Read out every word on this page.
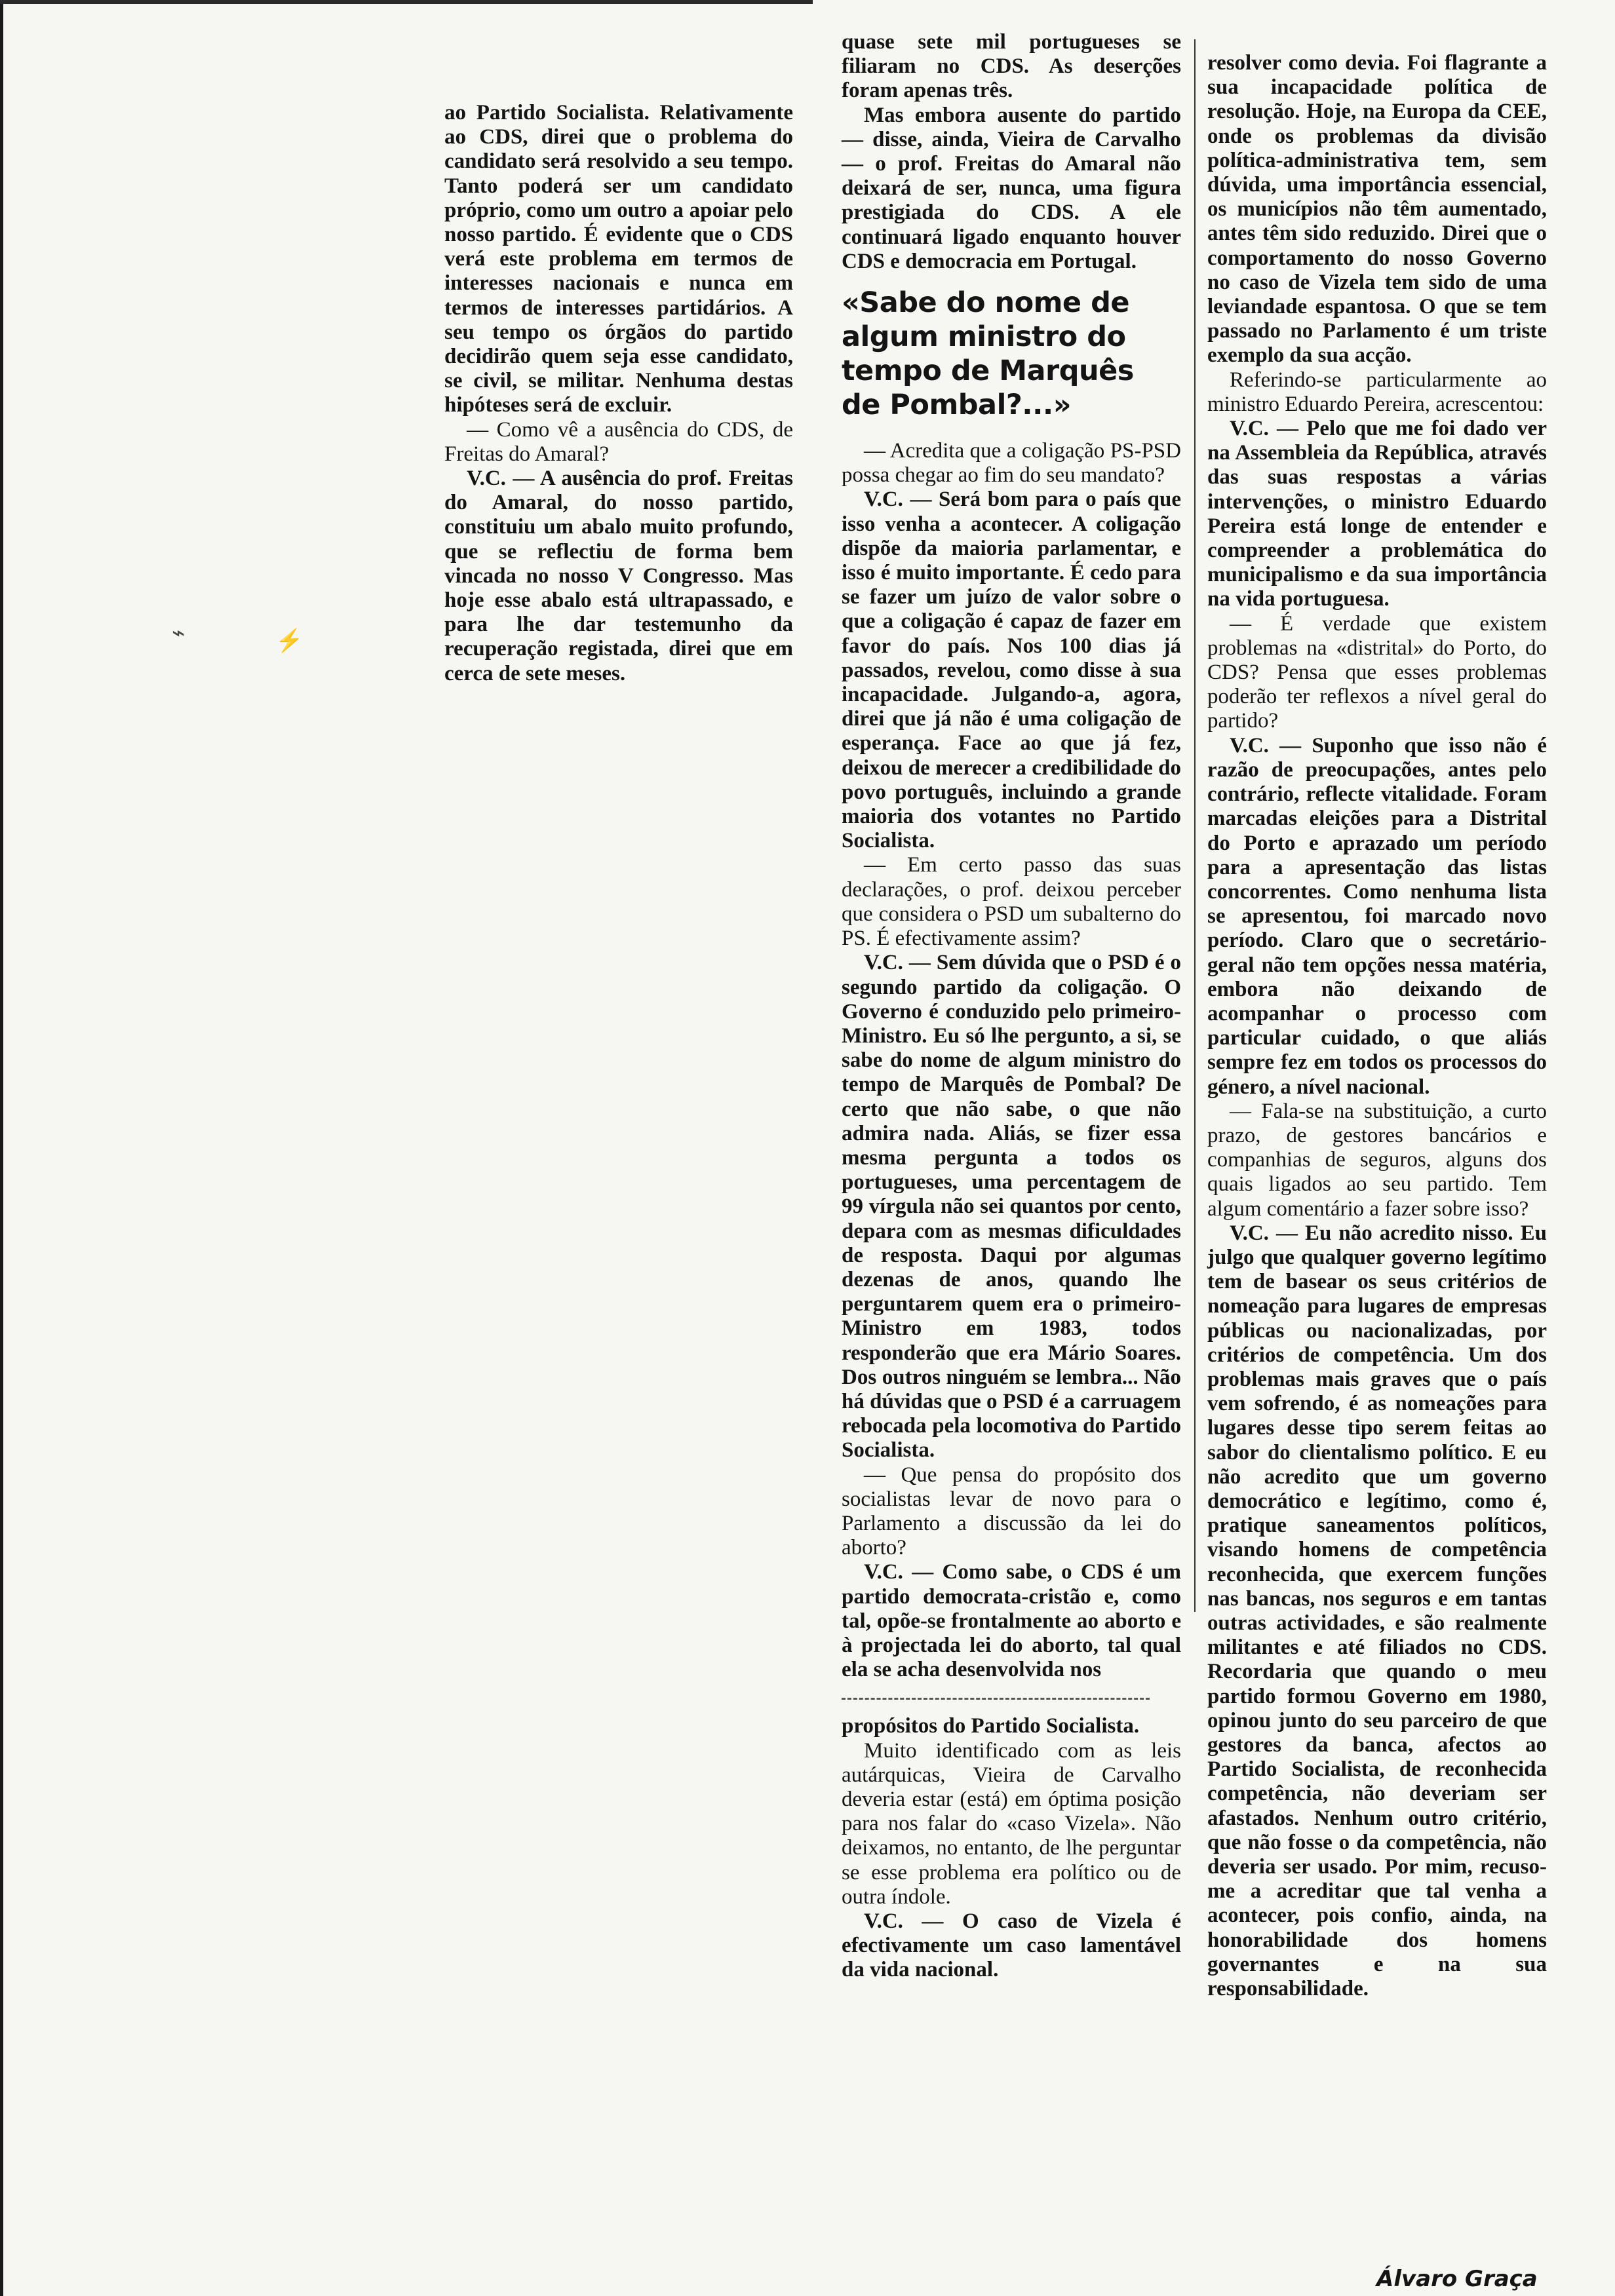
⌁	⚡

ao Partido Socialista. Relativamente ao CDS, direi que o problema do candidato será resolvido a seu tempo. Tanto poderá ser um candidato próprio, como um outro a apoiar pelo nosso partido. É evidente que o CDS verá este problema em termos de interesses nacionais e nunca em termos de interesses partidários. A seu tempo os órgãos do partido decidirão quem seja esse candidato, se civil, se militar. Nenhuma destas hipóteses será de excluir.

— Como vê a ausência do CDS, de Freitas do Amaral?

V.C. — A ausência do prof. Freitas do Amaral, do nosso partido, constituiu um abalo muito profundo, que se reflectiu de forma bem vincada no nosso V Congresso. Mas hoje esse abalo está ultrapassado, e para lhe dar testemunho da recuperação registada, direi que em cerca de sete meses.

quase sete mil portugueses se filiaram no CDS. As deserções foram apenas três.

Mas embora ausente do partido — disse, ainda, Vieira de Carvalho — o prof. Freitas do Amaral não deixará de ser, nunca, uma figura prestigiada do CDS. A ele continuará ligado enquanto houver CDS e democracia em Portugal.

«Sabe do nome de algum ministro do tempo de Marquês de Pombal?...»

— Acredita que a coligação PS-PSD possa chegar ao fim do seu mandato?

V.C. — Será bom para o país que isso venha a acontecer. A coligação dispõe da maioria parlamentar, e isso é muito importante. É cedo para se fazer um juízo de valor sobre o que a coligação é capaz de fazer em favor do país. Nos 100 dias já passados, revelou, como disse à sua incapacidade. Julgando-a, agora, direi que já não é uma coligação de esperança. Face ao que já fez, deixou de merecer a credibilidade do povo português, incluindo a grande maioria dos votantes no Partido Socialista.

— Em certo passo das suas declarações, o prof. deixou perceber que considera o PSD um subalterno do PS. É efectivamente assim?

V.C. — Sem dúvida que o PSD é o segundo partido da coligação. O Governo é conduzido pelo primeiro-Ministro. Eu só lhe pergunto, a si, se sabe do nome de algum ministro do tempo de Marquês de Pombal? De certo que não sabe, o que não admira nada. Aliás, se fizer essa mesma pergunta a todos os portugueses, uma percentagem de 99 vírgula não sei quantos por cento, depara com as mesmas dificuldades de resposta. Daqui por algumas dezenas de anos, quando lhe perguntarem quem era o primeiro-Ministro em 1983, todos responderão que era Mário Soares. Dos outros ninguém se lembra... Não há dúvidas que o PSD é a carruagem rebocada pela locomotiva do Partido Socialista.

— Que pensa do propósito dos socialistas levar de novo para o Parlamento a discussão da lei do aborto?

V.C. — Como sabe, o CDS é um partido democrata-cristão e, como tal, opõe-se frontalmente ao aborto e à projectada lei do aborto, tal qual ela se acha desenvolvida nos

propósitos do Partido Socialista.

Muito identificado com as leis autárquicas, Vieira de Carvalho deveria estar (está) em óptima posição para nos falar do «caso Vizela». Não deixamos, no entanto, de lhe perguntar se esse problema era político ou de outra índole.

V.C. — O caso de Vizela é efectivamente um caso lamentável da vida nacional.

resolver como devia. Foi flagrante a sua incapacidade política de resolução. Hoje, na Europa da CEE, onde os problemas da divisão política-administrativa tem, sem dúvida, uma importância essencial, os municípios não têm aumentado, antes têm sido reduzido. Direi que o comportamento do nosso Governo no caso de Vizela tem sido de uma leviandade espantosa. O que se tem passado no Parlamento é um triste exemplo da sua acção.

Referindo-se particularmente ao ministro Eduardo Pereira, acrescentou:

V.C. — Pelo que me foi dado ver na Assembleia da República, através das suas respostas a várias intervenções, o ministro Eduardo Pereira está longe de entender e compreender a problemática do municipalismo e da sua importância na vida portuguesa.

— É verdade que existem problemas na «distrital» do Porto, do CDS? Pensa que esses problemas poderão ter reflexos a nível geral do partido?

V.C. — Suponho que isso não é razão de preocupações, antes pelo contrário, reflecte vitalidade. Foram marcadas eleições para a Distrital do Porto e aprazado um período para a apresentação das listas concorrentes. Como nenhuma lista se apresentou, foi marcado novo período. Claro que o secretário-geral não tem opções nessa matéria, embora não deixando de acompanhar o processo com particular cuidado, o que aliás sempre fez em todos os processos do género, a nível nacional.

— Fala-se na substituição, a curto prazo, de gestores bancários e companhias de seguros, alguns dos quais ligados ao seu partido. Tem algum comentário a fazer sobre isso?

V.C. — Eu não acredito nisso. Eu julgo que qualquer governo legítimo tem de basear os seus critérios de nomeação para lugares de empresas públicas ou nacionalizadas, por critérios de competência. Um dos problemas mais graves que o país vem sofrendo, é as nomeações para lugares desse tipo serem feitas ao sabor do clientalismo político. E eu não acredito que um governo democrático e legítimo, como é, pratique saneamentos políticos, visando homens de competência reconhecida, que exercem funções nas bancas, nos seguros e em tantas outras actividades, e são realmente militantes e até filiados no CDS. Recordaria que quando o meu partido formou Governo em 1980, opinou junto do seu parceiro de que gestores da banca, afectos ao Partido Socialista, de reconhecida competência, não deveriam ser afastados. Nenhum outro critério, que não fosse o da competência, não deveria ser usado. Por mim, recuso-me a acreditar que tal venha a acontecer, pois confio, ainda, na honorabilidade dos homens governantes e na sua responsabilidade.

Álvaro Graça
